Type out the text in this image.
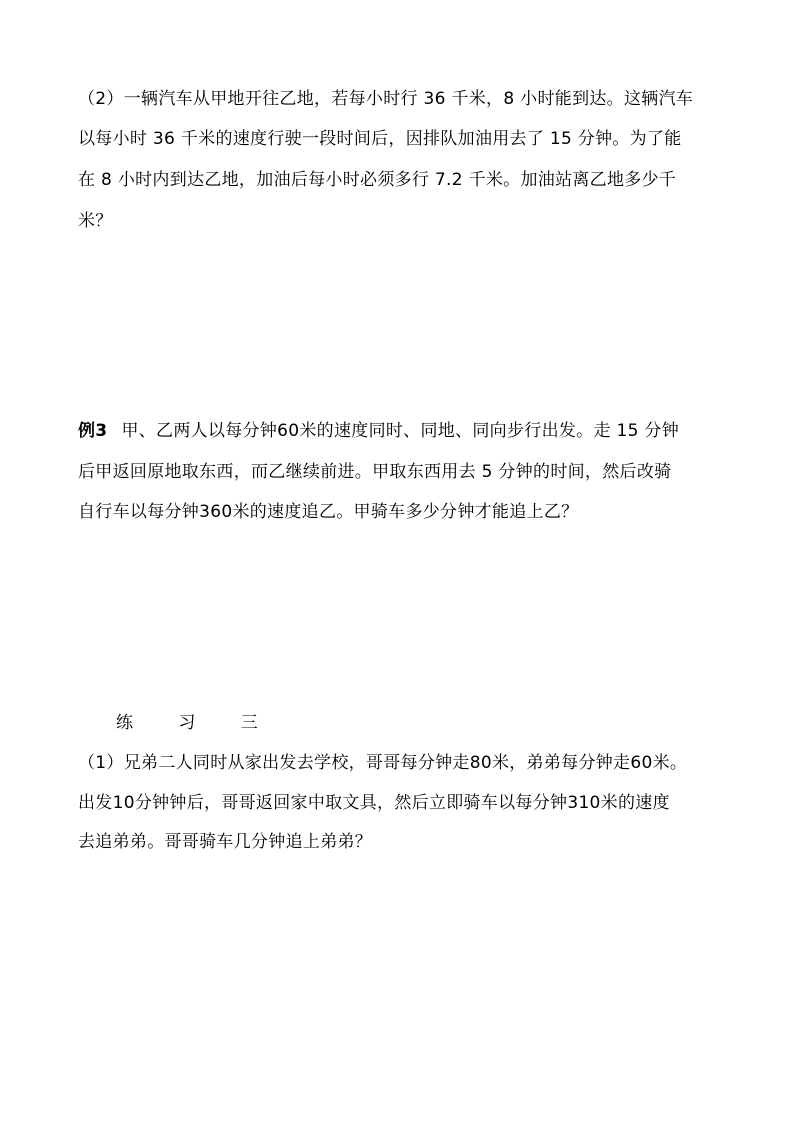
（2）一辆汽车从甲地开往乙地，若每小时行 36 千米，8 小时能到达。这辆汽车
以每小时 36 千米的速度行驶一段时间后，因排队加油用去了 15 分钟。为了能
在 8 小时内到达乙地，加油后每小时必须多行 7.2 千米。加油站离乙地多少千
米？
例3 甲、乙两人以每分钟60米的速度同时、同地、同向步行出发。走 15 分钟
后甲返回原地取东西，而乙继续前进。甲取东西用去 5 分钟的时间，然后改骑
自行车以每分钟360米的速度追乙。甲骑车多少分钟才能追上乙？
练 习 三
（1）兄弟二人同时从家出发去学校，哥哥每分钟走80米，弟弟每分钟走60米。
出发10分钟钟后，哥哥返回家中取文具，然后立即骑车以每分钟310米的速度
去追弟弟。哥哥骑车几分钟追上弟弟？
